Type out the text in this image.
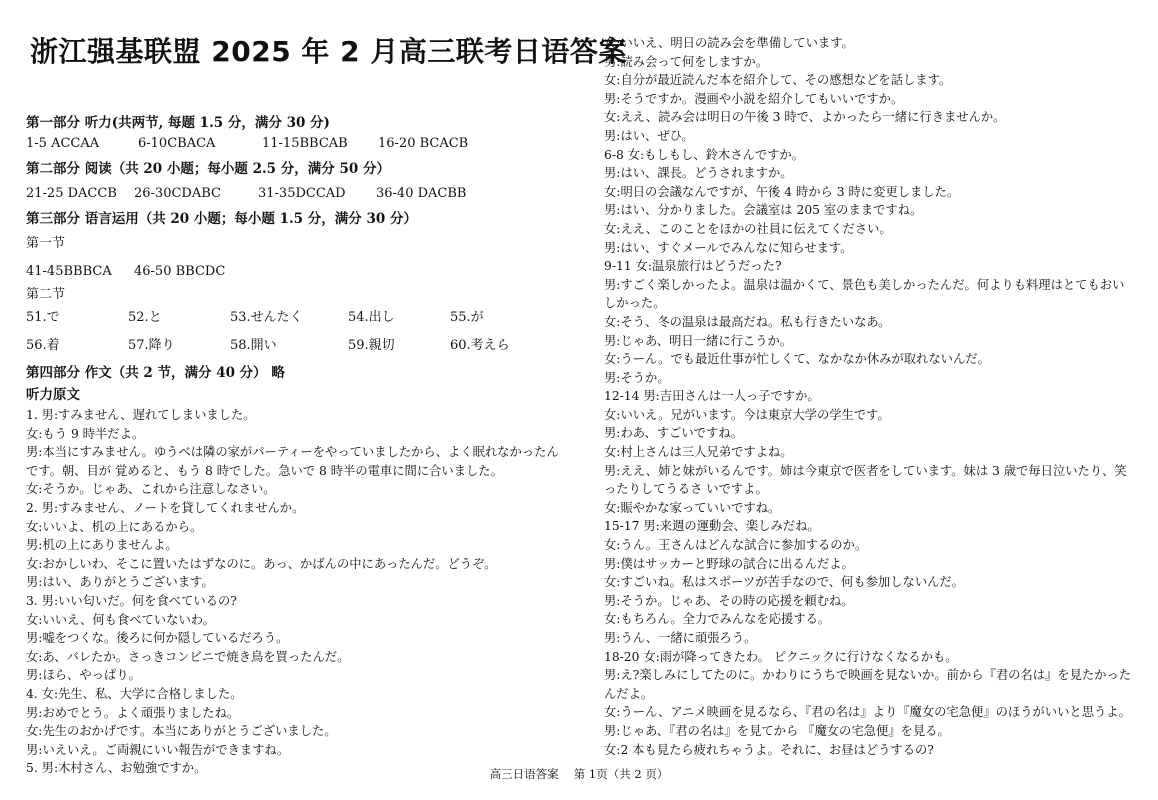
浙江强基联盟 2025 年 2 月高三联考日语答案

第一部分 听力(共两节, 每题 1.5 分，满分 30 分)

1-5 ACCAA	6-10CBACA	11-15BBCAB	16-20 BCACB

第二部分 阅读（共 20 小题；每小题 2.5 分，满分 50 分）

21-25 DACCB	26-30CDABC	31-35DCCAD	36-40 DACBB

第三部分 语言运用（共 20 小题；每小题 1.5 分，满分 30 分）

第一节

41-45BBBCA	46-50 BBCDC

第二节

51.で	52.と	53.せんたく	54.出し	55.が
56.着	57.降り	58.開い	59.親切	60.考えら

第四部分 作文（共 2 节，满分 40 分） 略

听力原文

1. 男:すみません、遅れてしまいました。

女:もう 9 時半だよ。

男:本当にすみません。ゆうべは隣の家がパーティーをやっていましたから、よく眠れなかったんです。朝、目が 覚めると、もう 8 時でした。急いで 8 時半の電車に間に合いました。

女:そうか。じゃあ、これから注意しなさい。

2. 男:すみません、ノートを貸してくれませんか。

女:いいよ、机の上にあるから。

男:机の上にありませんよ。

女:おかしいわ、そこに置いたはずなのに。あっ、かばんの中にあったんだ。どうぞ。

男:はい、ありがとうございます。

3. 男:いい匂いだ。何を食べているの?

女:いいえ、何も食べていないわ。

男:嘘をつくな。後ろに何か隠しているだろう。

女:あ、バレたか。さっきコンビニで焼き鳥を買ったんだ。

男:ほら、やっぱり。

4. 女:先生、私、大学に合格しました。

男:おめでとう。よく頑張りましたね。

女:先生のおかげです。本当にありがとうございました。

男:いえいえ。ご両親にいい報告ができますね。

5. 男:木村さん、お勉強ですか。

女:いいえ、明日の読み会を準備しています。

男:読み会って何をしますか。

女:自分が最近読んだ本を紹介して、その感想などを話します。

男:そうですか。漫画や小説を紹介してもいいですか。

女:ええ、読み会は明日の午後 3 時で、よかったら一緒に行きませんか。

男:はい、ぜひ。

6-8 女:もしもし、鈴木さんですか。

男:はい、課長。どうされますか。

女:明日の会議なんですが、午後 4 時から 3 時に変更しました。

男:はい、分かりました。会議室は 205 室のままですね。

女:ええ、このことをほかの社員に伝えてください。

男:はい、すぐメールでみんなに知らせます。

9-11 女:温泉旅行はどうだった?

男:すごく楽しかったよ。温泉は温かくて、景色も美しかったんだ。何よりも料理はとてもおいしかった。

女:そう、冬の温泉は最高だね。私も行きたいなあ。

男:じゃあ、明日一緒に行こうか。

女:うーん。でも最近仕事が忙しくて、なかなか休みが取れないんだ。

男:そうか。

12-14 男:吉田さんは一人っ子ですか。

女:いいえ。兄がいます。今は東京大学の学生です。

男:わあ、すごいですね。

女:村上さんは三人兄弟ですよね。

男:ええ、姉と妹がいるんです。姉は今東京で医者をしています。妹は 3 歳で毎日泣いたり、笑ったりしてうるさ いですよ。

女:賑やかな家っていいですね。

15-17 男:来週の運動会、楽しみだね。

女:うん。王さんはどんな試合に参加するのか。

男:僕はサッカーと野球の試合に出るんだよ。

女:すごいね。私はスポーツが苦手なので、何も参加しないんだ。

男:そうか。じゃあ、その時の応援を頼むね。

女:もちろん。全力でみんなを応援する。

男:うん、一緒に頑張ろう。

18-20 女:雨が降ってきたわ。 ピクニックに行けなくなるかも。

男:え?楽しみにしてたのに。かわりにうちで映画を見ないか。前から『君の名は』を見たかったんだよ。

女:うーん、アニメ映画を見るなら、『君の名は』より『魔女の宅急便』のほうがいいと思うよ。

男:じゃあ、『君の名は』を見てから 『魔女の宅急便』を見る。

女:2 本も見たら疲れちゃうよ。それに、お昼はどうするの?

高三日语答案　 第 1页（共 2 页）
